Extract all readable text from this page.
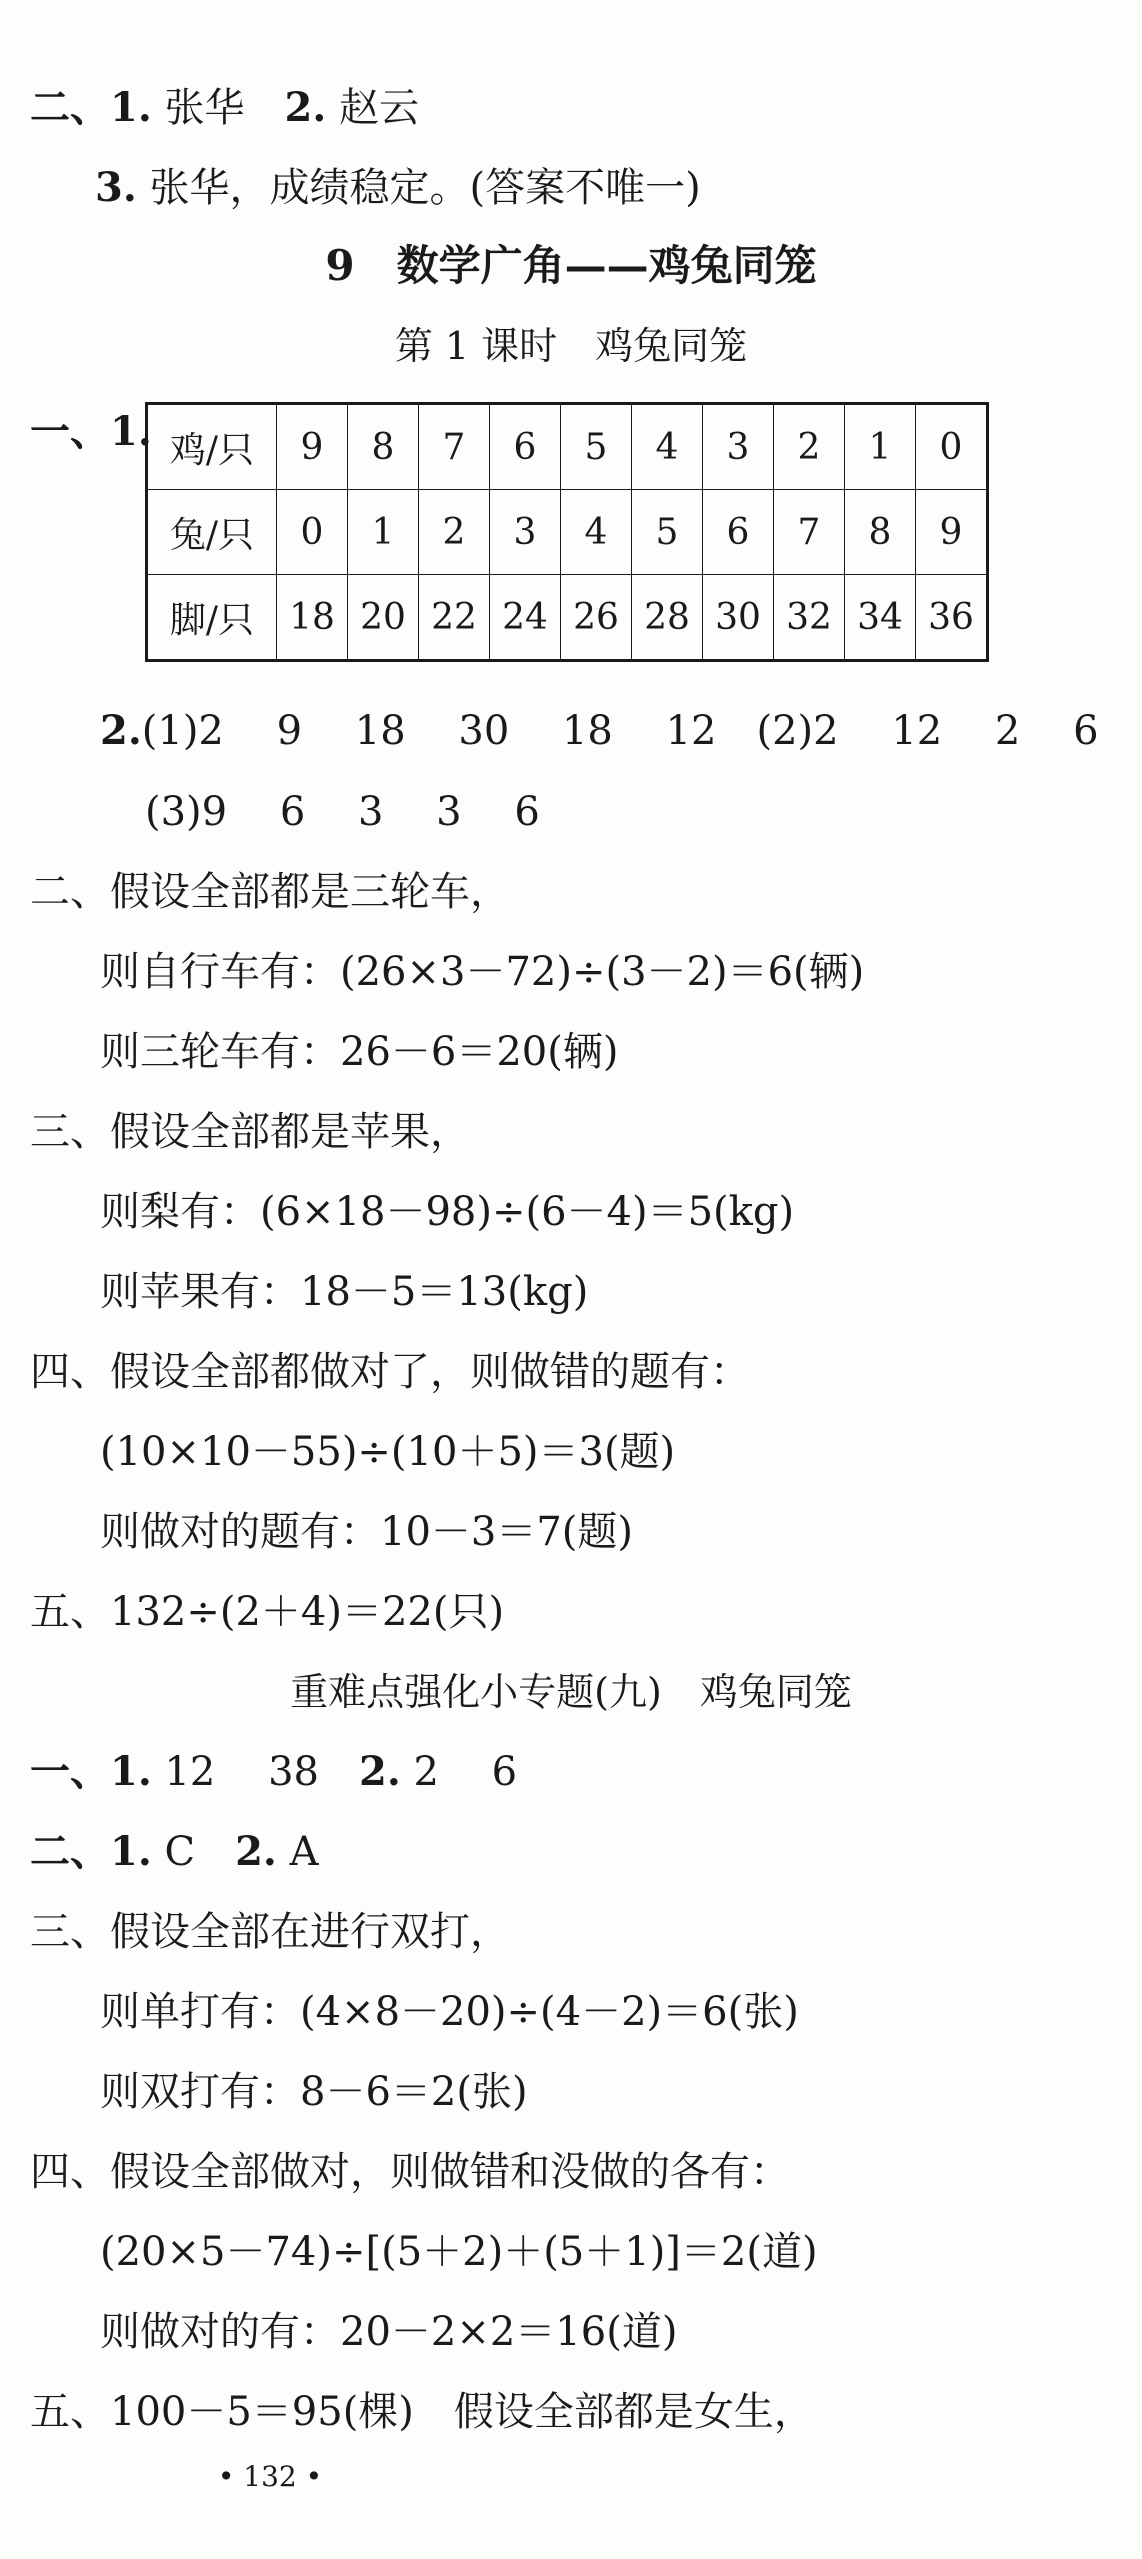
二、1. 张华　2. 赵云
3. 张华，成绩稳定。(答案不唯一)
9　数学广角——鸡兔同笼
第 1 课时　鸡兔同笼
一、1. 鸡/只	9	8	7	6	5	4	3	2	1	0
兔/只	0	1	2	3	4	5	6	7	8	9
脚/只	18	20	22	24	26	28	30	32	34	36
2.(1)2　 9　 18　 30　 18　 12　(2)2　 12　 2　 6
(3)9　 6　 3　 3　 6
二、假设全部都是三轮车，
则自行车有：(26×3－72)÷(3－2)＝6(辆)
则三轮车有：26－6＝20(辆)
三、假设全部都是苹果，
则梨有：(6×18－98)÷(6－4)＝5(kg)
则苹果有：18－5＝13(kg)
四、假设全部都做对了，则做错的题有：
(10×10－55)÷(10＋5)＝3(题)
则做对的题有：10－3＝7(题)
五、132÷(2＋4)＝22(只)
重难点强化小专题(九)　鸡兔同笼
一、1. 12　 38　2. 2　 6
二、1. C　2. A
三、假设全部在进行双打，
则单打有：(4×8－20)÷(4－2)＝6(张)
则双打有：8－6＝2(张)
四、假设全部做对，则做错和没做的各有：
(20×5－74)÷[(5＋2)＋(5＋1)]＝2(道)
则做对的有：20－2×2＝16(道)
五、100－5＝95(棵)　假设全部都是女生，
• 132 •
